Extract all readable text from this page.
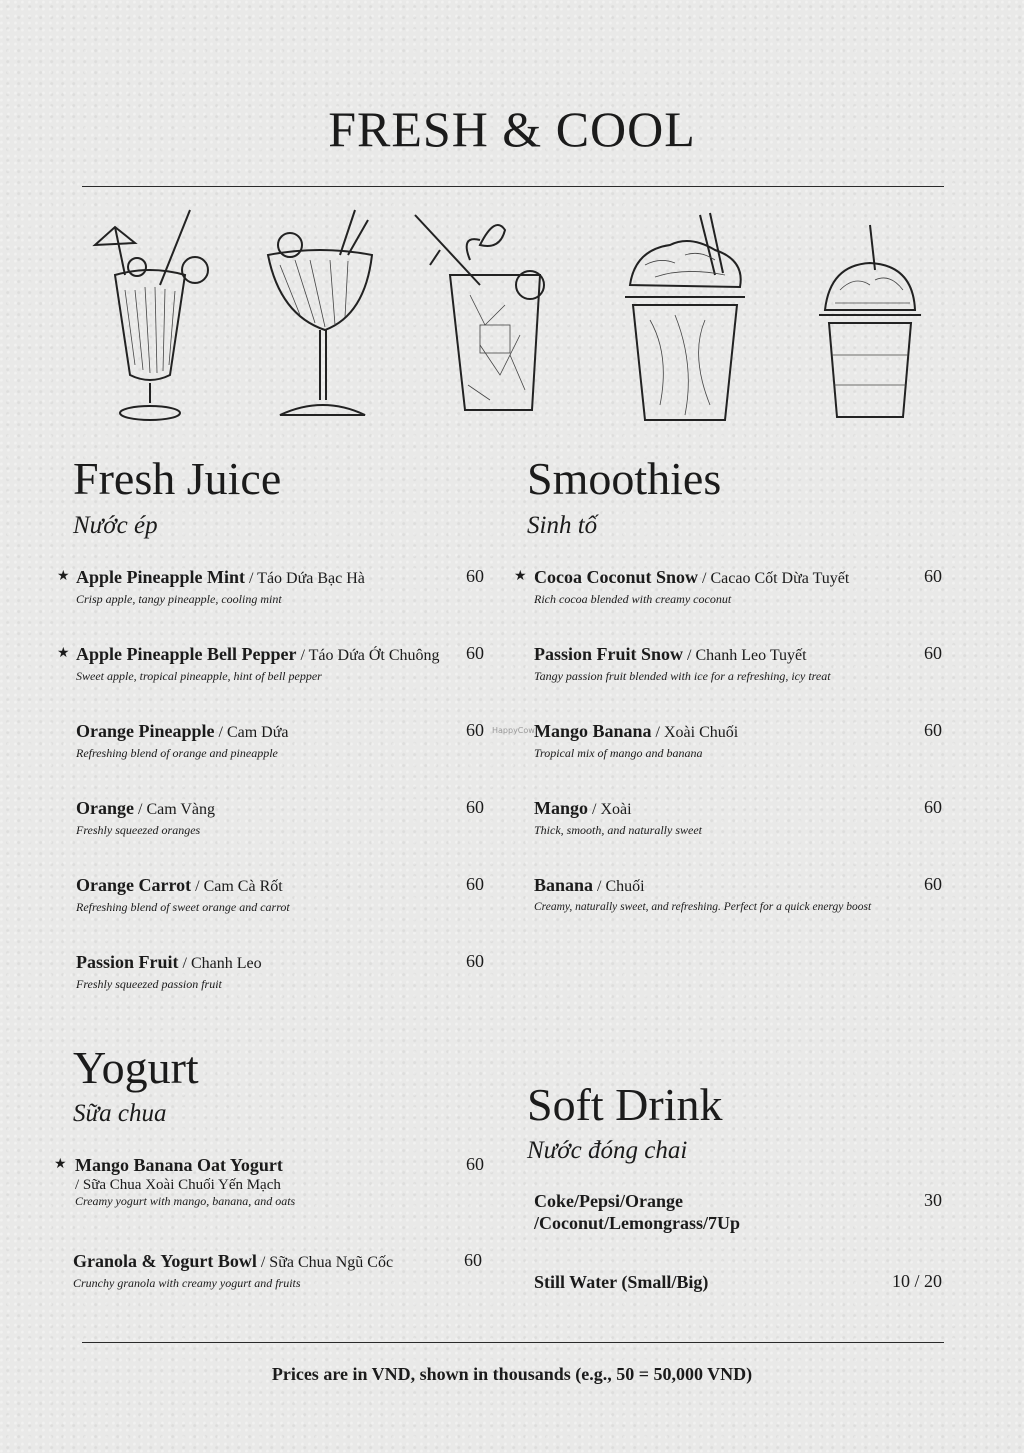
FRESH & COOL
Fresh Juice
Nước ép
★ Apple Pineapple Mint / Táo Dứa Bạc Hà
Crisp apple, tangy pineapple, cooling mint
60
★ Apple Pineapple Bell Pepper / Táo Dứa Ớt Chuông
Sweet apple, tropical pineapple, hint of bell pepper
60
Orange Pineapple / Cam Dứa
Refreshing blend of orange and pineapple
60
Orange / Cam Vàng
Freshly squeezed oranges
60
Orange Carrot / Cam Cà Rốt
Refreshing blend of sweet orange and carrot
60
Passion Fruit / Chanh Leo
Freshly squeezed passion fruit
60
HappyCow
Smoothies
Sinh tố
★ Cocoa Coconut Snow / Cacao Cốt Dừa Tuyết
Rich cocoa blended with creamy coconut
60
Passion Fruit Snow / Chanh Leo Tuyết
Tangy passion fruit blended with ice for a refreshing, icy treat
60
Mango Banana / Xoài Chuối
Tropical mix of mango and banana
60
Mango / Xoài
Thick, smooth, and naturally sweet
60
Banana / Chuối
Creamy, naturally sweet, and refreshing. Perfect for a quick energy boost
60
Yogurt
Sữa chua
★ Mango Banana Oat Yogurt
/ Sữa Chua Xoài Chuối Yến Mạch
Creamy yogurt with mango, banana, and oats
60
Granola & Yogurt Bowl / Sữa Chua Ngũ Cốc
Crunchy granola with creamy yogurt and fruits
60
Soft Drink
Nước đóng chai
Coke/Pepsi/Orange
/Coconut/Lemongrass/7Up
30
Still Water (Small/Big)	10 / 20
Prices are in VND, shown in thousands (e.g., 50 = 50,000 VND)
